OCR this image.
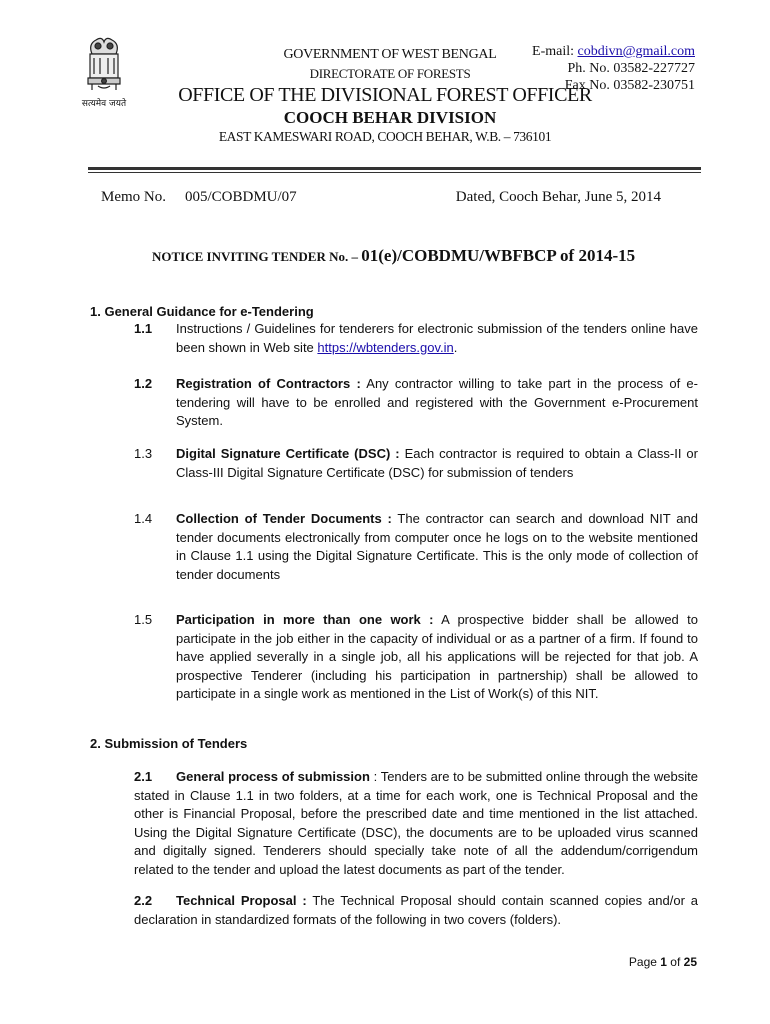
सत्यमेव जयते
GOVERNMENT OF WEST BENGAL
DIRECTORATE OF FORESTS
OFFICE OF THE DIVISIONAL FOREST OFFICER
COOCH BEHAR DIVISION
EAST KAMESWARI ROAD, COOCH BEHAR, W.B. – 736101
E-mail: cobdivn@gmail.com
Ph. No. 03582-227727
Fax No. 03582-230751
Memo No. 005/COBDMU/07	Dated, Cooch Behar, June 5, 2014
NOTICE INVITING TENDER No. – 01(e)/COBDMU/WBFBCP of 2014-15
1. General Guidance for e-Tendering
1.1 Instructions / Guidelines for tenderers for electronic submission of the tenders online have been shown in Web site https://wbtenders.gov.in.
1.2 Registration of Contractors : Any contractor willing to take part in the process of e-tendering will have to be enrolled and registered with the Government e-Procurement System.
1.3 Digital Signature Certificate (DSC) : Each contractor is required to obtain a Class-II or Class-III Digital Signature Certificate (DSC) for submission of tenders
1.4 Collection of Tender Documents : The contractor can search and download NIT and tender documents electronically from computer once he logs on to the website mentioned in Clause 1.1 using the Digital Signature Certificate. This is the only mode of collection of tender documents
1.5 Participation in more than one work : A prospective bidder shall be allowed to participate in the job either in the capacity of individual or as a partner of a firm. If found to have applied severally in a single job, all his applications will be rejected for that job. A prospective Tenderer (including his participation in partnership) shall be allowed to participate in a single work as mentioned in the List of Work(s) of this NIT.
2. Submission of Tenders
2.1 General process of submission : Tenders are to be submitted online through the website stated in Clause 1.1 in two folders, at a time for each work, one is Technical Proposal and the other is Financial Proposal, before the prescribed date and time mentioned in the list attached. Using the Digital Signature Certificate (DSC), the documents are to be uploaded virus scanned and digitally signed. Tenderers should specially take note of all the addendum/corrigendum related to the tender and upload the latest documents as part of the tender.
2.2 Technical Proposal : The Technical Proposal should contain scanned copies and/or a declaration in standardized formats of the following in two covers (folders).
Page 1 of 25
